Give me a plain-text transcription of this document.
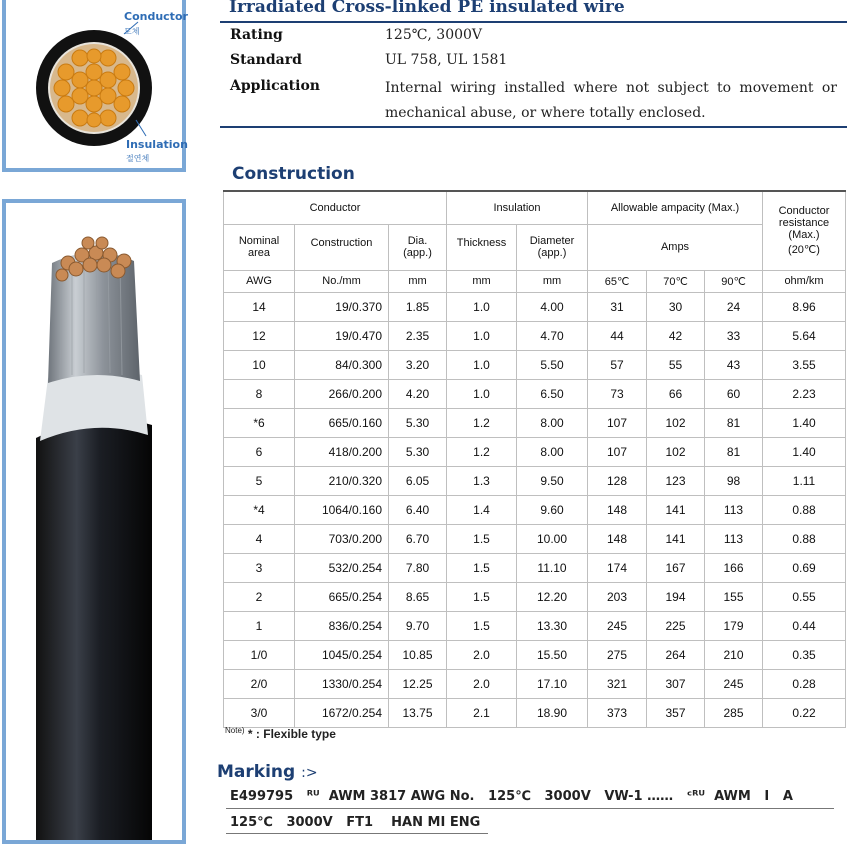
Conductor
도체
Insulation
절연체
Irradiated Cross-linked PE insulated wire
Rating	125℃, 3000V
Standard	UL 758, UL 1581
Application	Internal wiring installed where not subject to movement or mechanical abuse, or where totally enclosed.
Construction
Conductor			Insulation		Allowable ampacity (Max.)			Conductor resistance (Max.)
(20℃)
Nominal area	Construction	Dia. (app.)	Thickness	Diameter (app.)	Amps			
AWG	No./mm	mm	mm	mm	65℃	70℃	90℃	ohm/km
14	19/0.370	1.85	1.0	4.00	31	30	24	8.96
12	19/0.470	2.35	1.0	4.70	44	42	33	5.64
10	84/0.300	3.20	1.0	5.50	57	55	43	3.55
8	266/0.200	4.20	1.0	6.50	73	66	60	2.23
*6	665/0.160	5.30	1.2	8.00	107	102	81	1.40
6	418/0.200	5.30	1.2	8.00	107	102	81	1.40
5	210/0.320	6.05	1.3	9.50	128	123	98	1.11
*4	1064/0.160	6.40	1.4	9.60	148	141	113	0.88
4	703/0.200	6.70	1.5	10.00	148	141	113	0.88
3	532/0.254	7.80	1.5	11.10	174	167	166	0.69
2	665/0.254	8.65	1.5	12.20	203	194	155	0.55
1	836/0.254	9.70	1.5	13.30	245	225	179	0.44
1/0	1045/0.254	10.85	2.0	15.50	275	264	210	0.35
2/0	1330/0.254	12.25	2.0	17.10	321	307	245	0.28
3/0	1672/0.254	13.75	2.1	18.90	373	357	285	0.22
$^{Note)}$ * : Flexible type
Marking :>
E499795   ᴿᵁ  AWM 3817 AWG No.   125℃   3000V   VW-1 ……   ᶜᴿᵁ  AWM   I   A
125℃   3000V   FT1    HAN MI ENG
